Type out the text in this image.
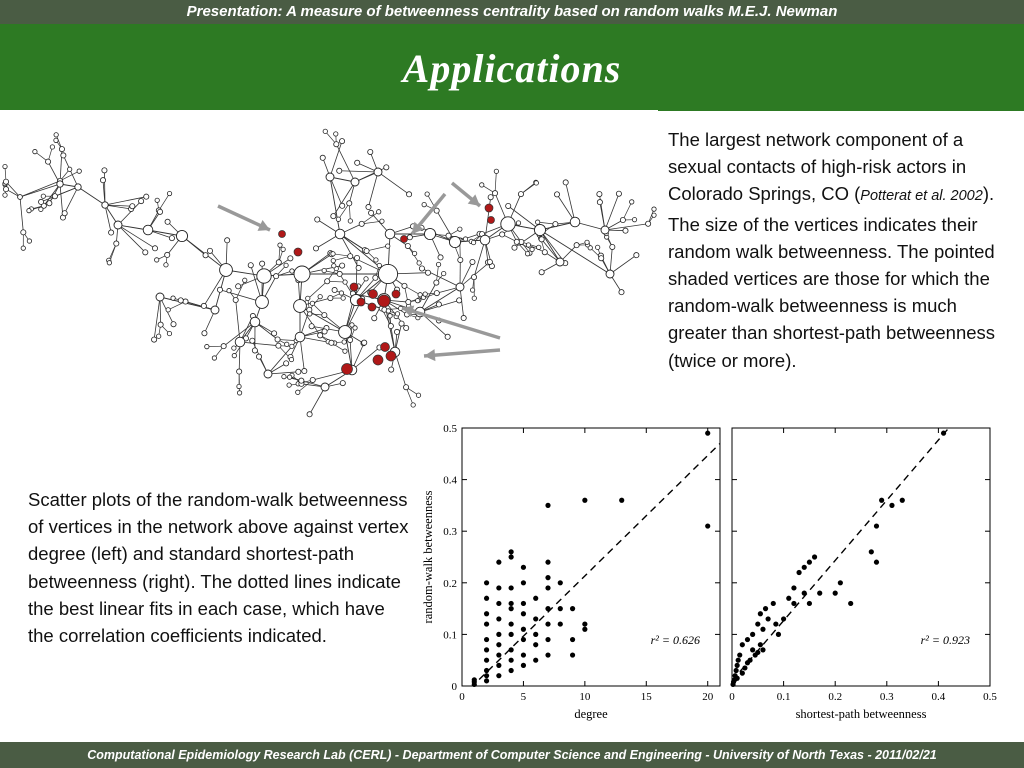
Presentation: A measure of betweenness centrality based on random walks M.E.J. Newman
Applications
The largest network component of a sexual contacts of high-risk actors in Colorado Springs, CO (Potterat et al. 2002). The size of the vertices indicates their random walk betweenness. The pointed shaded vertices are those for which the random-walk betweenness is much greater than shortest-path betweenness (twice or more).
Scatter plots of the random-walk betweenness of vertices in the network above against vertex degree (left) and standard shortest-path betweenness (right). The dotted lines indicate the best linear fits in each case, which have the correlation coefficients indicated.
0	5	10	15	20
0
0.1
0.2
0.3
0.4
0.5
r² = 0.626
degree
random-walk betweenness
0	0.1	0.2	0.3	0.4	0.5
r² = 0.923
shortest-path betweenness
Computational Epidemiology Research Lab (CERL) - Department of Computer Science and Engineering - University of North Texas - 2011/02/21
